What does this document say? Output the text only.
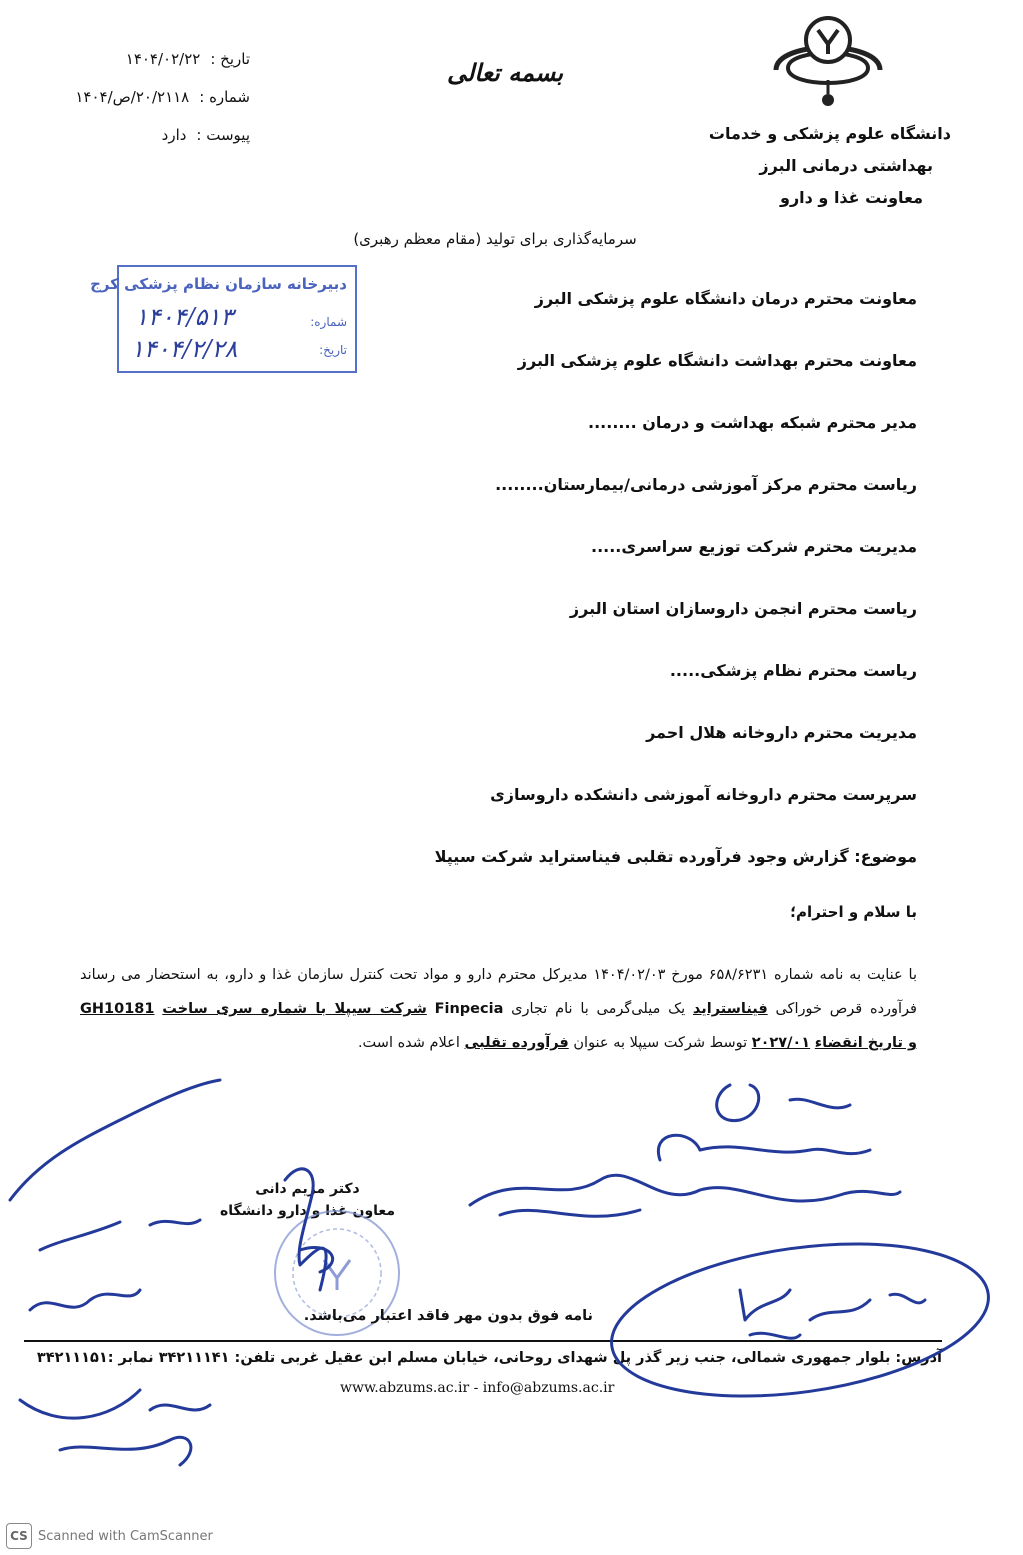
دانشگاه علوم پزشکی و خدمات
بهداشتی درمانی البرز
معاونت غذا و دارو
بسمه تعالی
تاریخ :
۱۴۰۴/۰۲/۲۲
شماره :
۲۰/۲۱۱۸/ص/۱۴۰۴
پیوست :
دارد
سرمایه‌گذاری برای تولید (مقام معظم رهبری)
دبیرخانه سازمان نظام پزشکی کرج
شماره:
تاریخ:
۱۴۰۴/۵۱۳
۱۴۰۴/۲/۲۸
معاونت محترم درمان دانشگاه علوم پزشکی البرز
معاونت محترم بهداشت دانشگاه علوم پزشکی البرز
مدیر محترم شبکه بهداشت و درمان ........
ریاست محترم مرکز آموزشی درمانی/بیمارستان........
مدیریت محترم شرکت توزیع سراسری.....
ریاست محترم انجمن داروسازان استان البرز
ریاست محترم نظام پزشکی.....
مدیریت محترم داروخانه هلال احمر
سرپرست محترم داروخانه آموزشی دانشکده داروسازی
موضوع: گزارش وجود فرآورده تقلبی فیناستراید شرکت سیپلا
با سلام و احترام؛
با عنایت به نامه شماره ۶۵۸/۶۲۳۱ مورخ ۱۴۰۴/۰۲/۰۳ مدیرکل محترم دارو و مواد تحت کنترل سازمان غذا و دارو، به استحضار می رساند فرآورده قرص خوراکی فیناستراید یک میلی‌گرمی با نام تجاری Finpecia شرکت سیپلا با شماره سری ساخت GH10181 و تاریخ انقضاء ۲۰۲۷/۰۱ توسط شرکت سیپلا به عنوان فرآورده تقلبی اعلام شده است.
دکتر مریم دانی
معاون غذا و دارو دانشگاه
نامه فوق بدون مهر فاقد اعتبار می‌باشد.
آدرس: بلوار جمهوری شمالی، جنب زیر گذر پل شهدای روحانی، خیابان مسلم ابن عقیل غربی تلفن: ۳۴۲۱۱۱۴۱ نمابر :۳۴۲۱۱۱۵۱
www.abzums.ac.ir - info@abzums.ac.ir
CS Scanned with CamScanner
